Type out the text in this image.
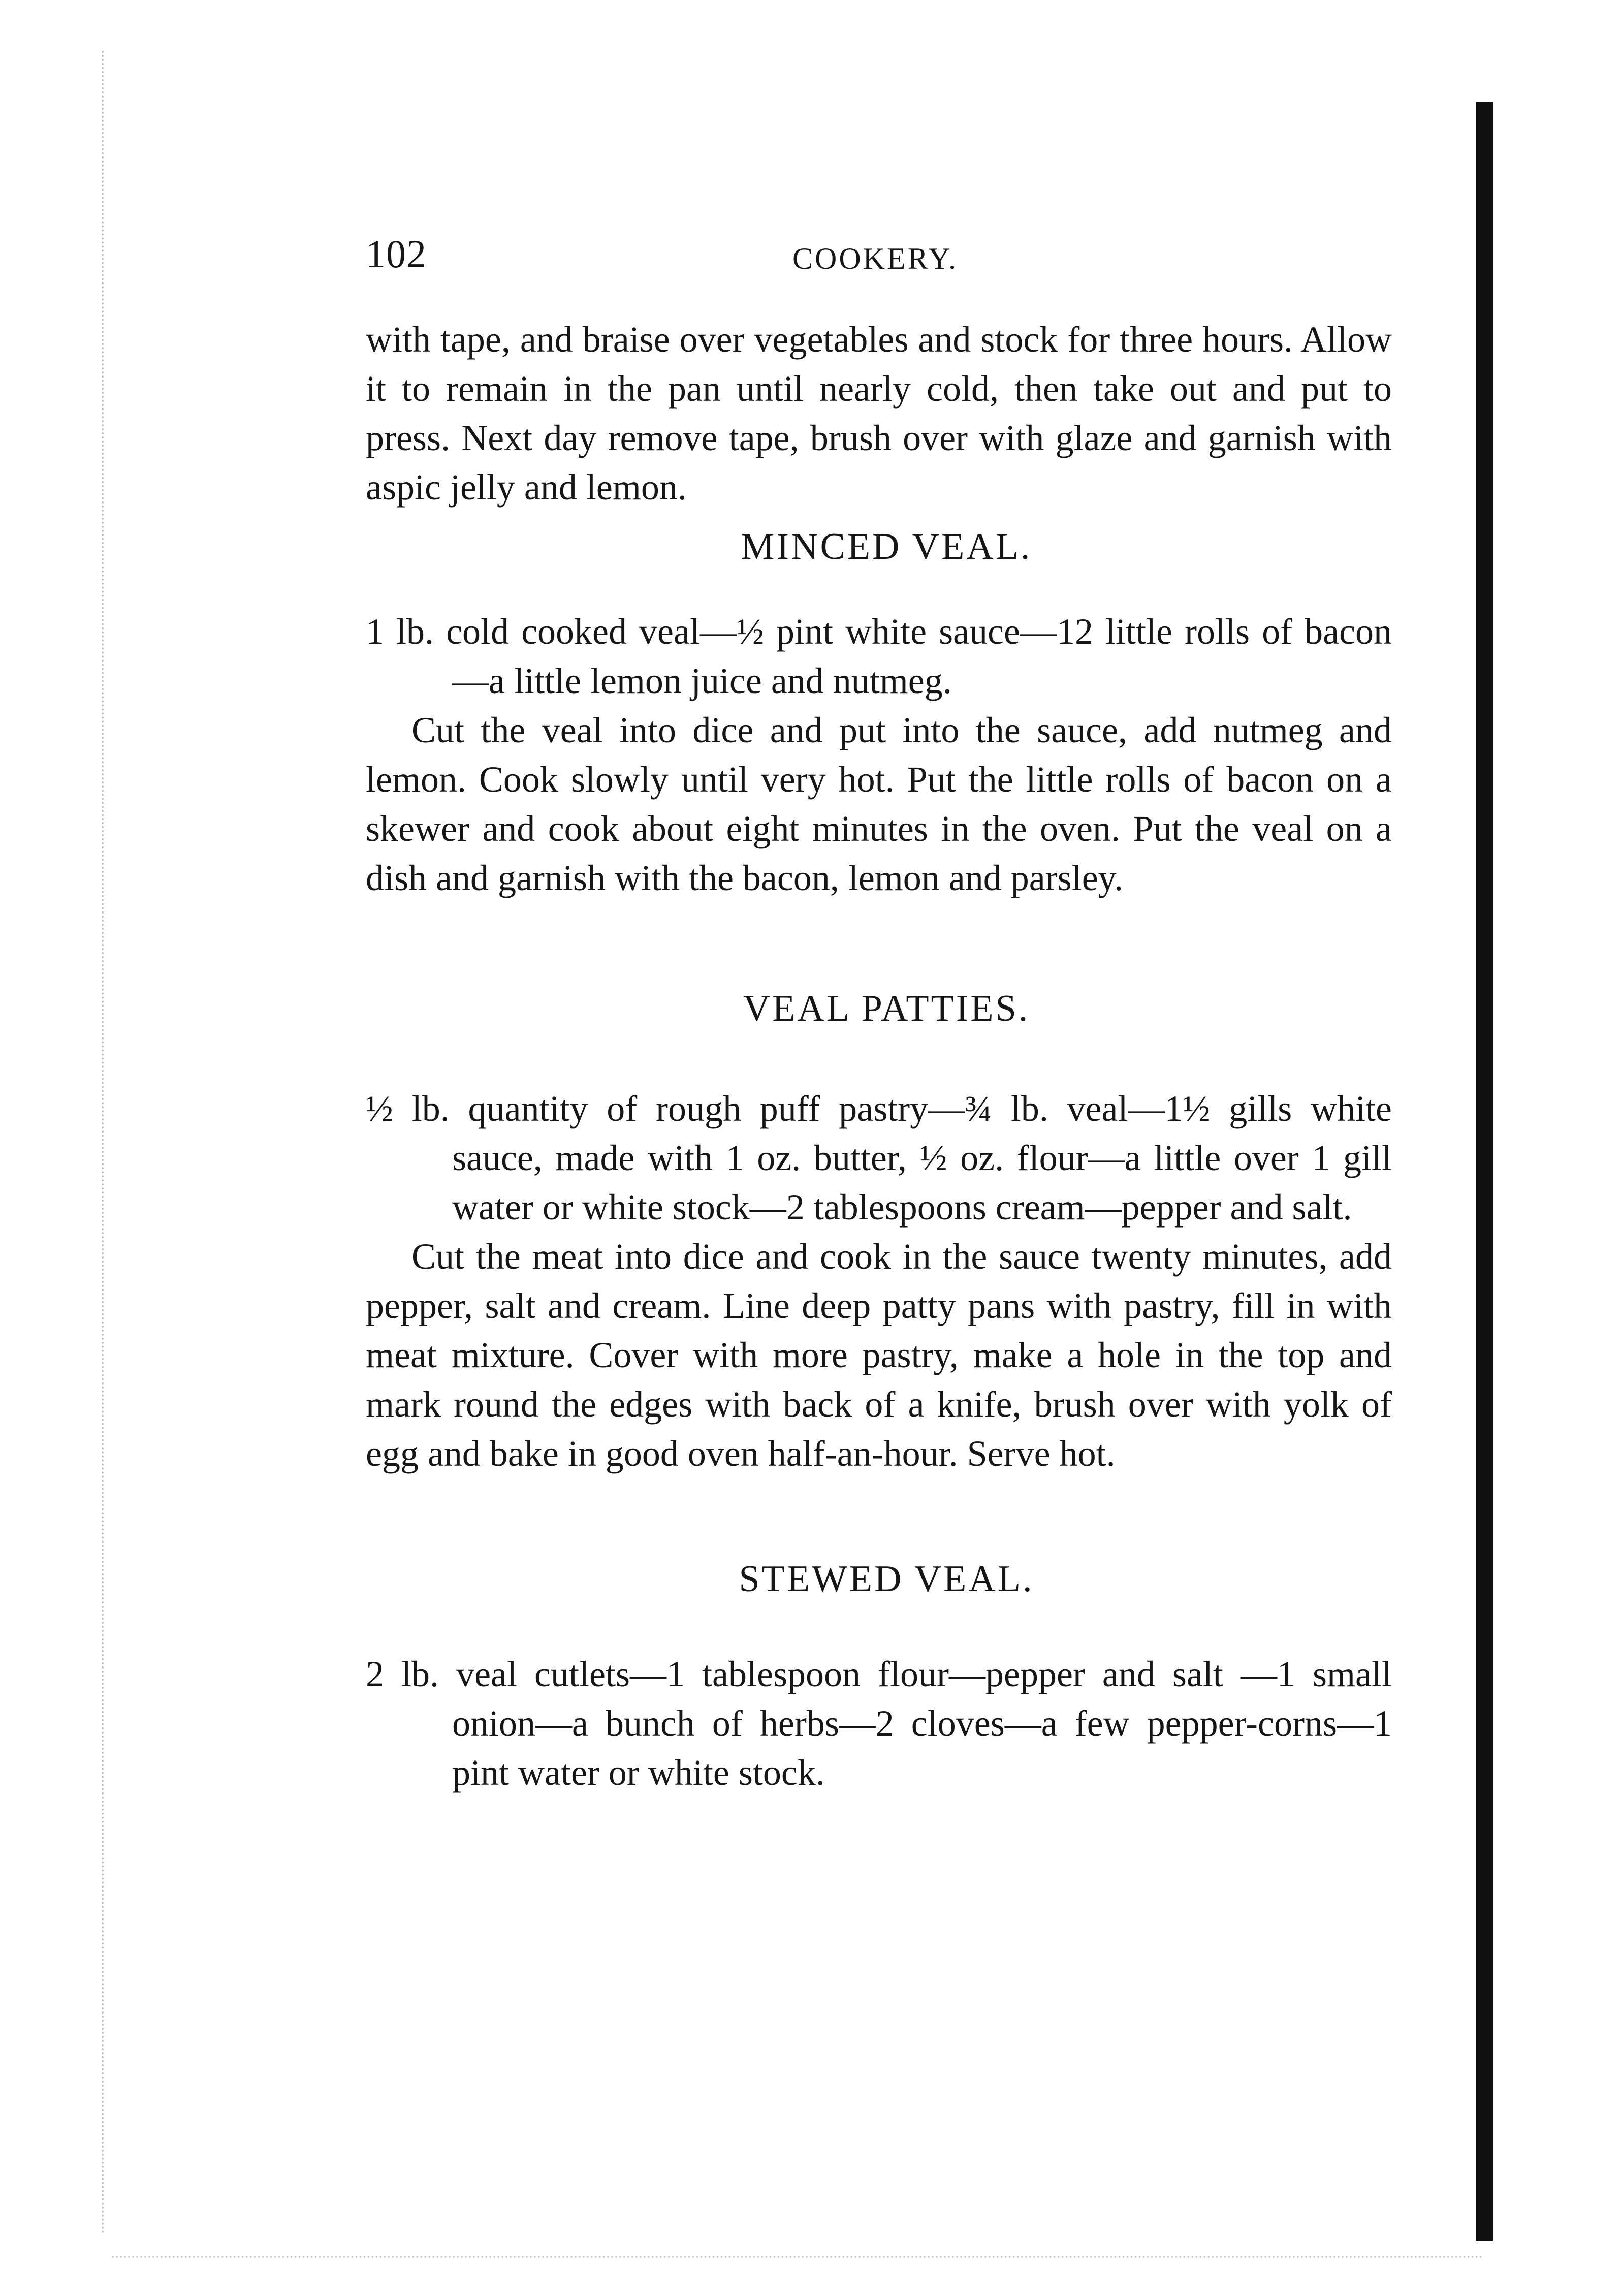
102	COOKERY.

with tape, and braise over vegetables and stock for three hours. Allow it to remain in the pan until nearly cold, then take out and put to press. Next day remove tape, brush over with glaze and garnish with aspic jelly and lemon.

MINCED VEAL.

1 lb. cold cooked veal—½ pint white sauce—12 little rolls of bacon—a little lemon juice and nutmeg.

Cut the veal into dice and put into the sauce, add nutmeg and lemon. Cook slowly until very hot. Put the little rolls of bacon on a skewer and cook about eight minutes in the oven. Put the veal on a dish and garnish with the bacon, lemon and parsley.

VEAL PATTIES.

½ lb. quantity of rough puff pastry—¾ lb. veal—1½ gills white sauce, made with 1 oz. butter, ½ oz. flour—a little over 1 gill water or white stock—2 tablespoons cream—pepper and salt.

Cut the meat into dice and cook in the sauce twenty minutes, add pepper, salt and cream. Line deep patty pans with pastry, fill in with meat mixture. Cover with more pastry, make a hole in the top and mark round the edges with back of a knife, brush over with yolk of egg and bake in good oven half-an-hour. Serve hot.

STEWED VEAL.

2 lb. veal cutlets—1 tablespoon flour—pepper and salt —1 small onion—a bunch of herbs—2 cloves—a few pepper-corns—1 pint water or white stock.
